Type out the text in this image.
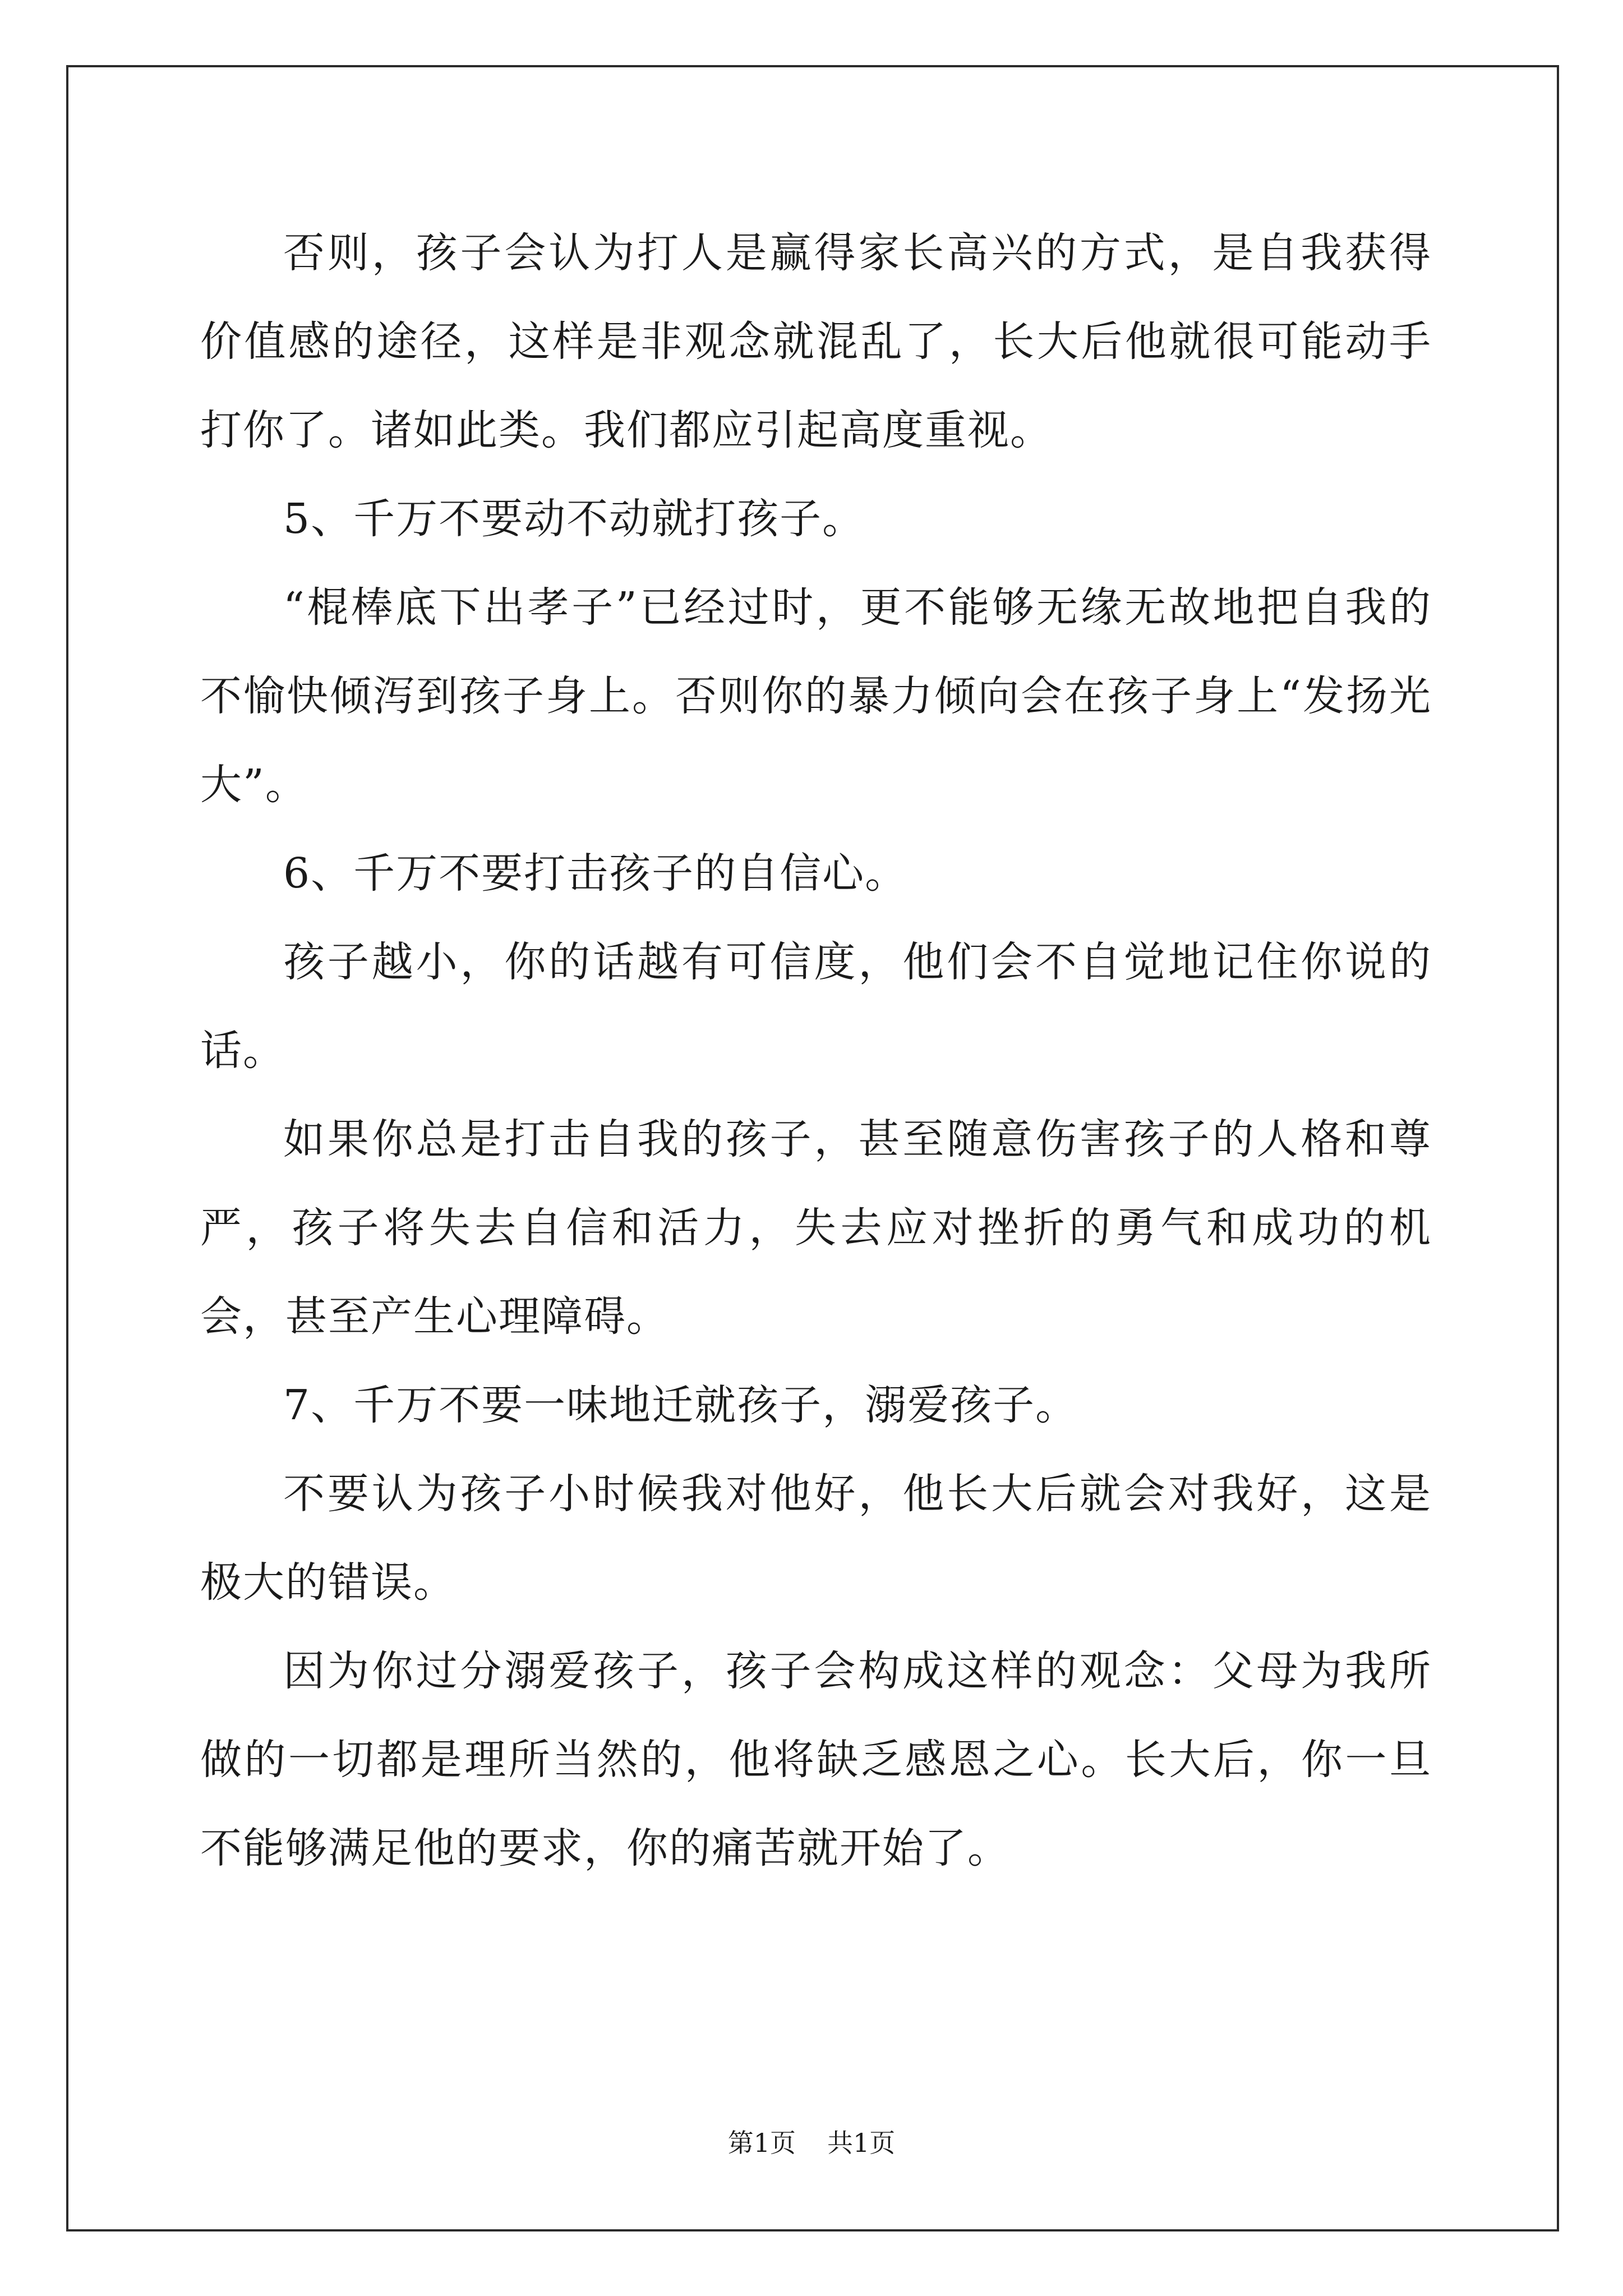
否则，孩子会认为打人是赢得家长高兴的方式，是自我获得价值感的途径，这样是非观念就混乱了，长大后他就很可能动手打你了。诸如此类。我们都应引起高度重视。

5、千万不要动不动就打孩子。

“棍棒底下出孝子”已经过时，更不能够无缘无故地把自我的不愉快倾泻到孩子身上。否则你的暴力倾向会在孩子身上“发扬光大”。

6、千万不要打击孩子的自信心。

孩子越小，你的话越有可信度，他们会不自觉地记住你说的话。

如果你总是打击自我的孩子，甚至随意伤害孩子的人格和尊严，孩子将失去自信和活力，失去应对挫折的勇气和成功的机会，甚至产生心理障碍。

7、千万不要一味地迁就孩子，溺爱孩子。

不要认为孩子小时候我对他好，他长大后就会对我好，这是极大的错误。

因为你过分溺爱孩子，孩子会构成这样的观念：父母为我所做的一切都是理所当然的，他将缺乏感恩之心。长大后，你一旦不能够满足他的要求，你的痛苦就开始了。

第1页 共1页
